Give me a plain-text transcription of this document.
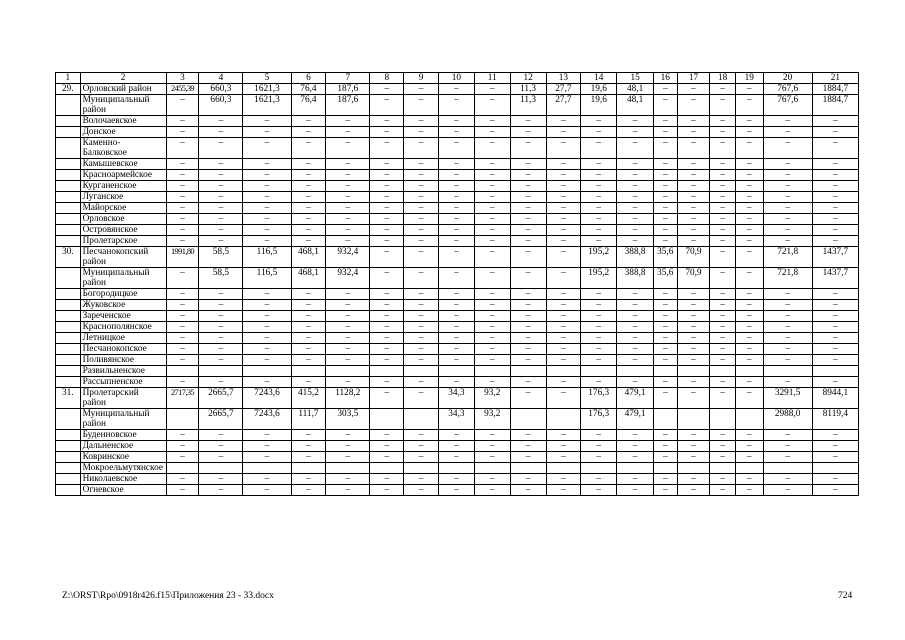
1	2	3	4	5	6	7	8	9	10	11	12	13	14	15	16	17	18	19	20	21
29.	Орловский район	2455,39	660,3	1621,3	76,4	187,6	–	–	–	–	11,3	27,7	19,6	48,1	–	–	–	–	767,6	1884,7
	Муниципальный район	–	660,3	1621,3	76,4	187,6	–	–	–	–	11,3	27,7	19,6	48,1	–	–	–	–	767,6	1884,7
	Волочаевское	–	–	–	–	–	–	–	–	–	–	–	–	–	–	–	–	–	–	–
	Донское	–	–	–	–	–	–	–	–	–	–	–	–	–	–	–	–	–	–	–
	Каменно-Балковское	–	–	–	–	–	–	–	–	–	–	–	–	–	–	–	–	–	–	–
	Камышевское	–	–	–	–	–	–	–	–	–	–	–	–	–	–	–	–	–	–	–
	Красноармейское	–	–	–	–	–	–	–	–	–	–	–	–	–	–	–	–	–	–	–
	Курганенское	–	–	–	–	–	–	–	–	–	–	–	–	–	–	–	–	–	–	–
	Луганское	–	–	–	–	–	–	–	–	–	–	–	–	–	–	–	–	–	–	–
	Майорское	–	–	–	–	–	–	–	–	–	–	–	–	–	–	–	–	–	–	–
	Орловское	–	–	–	–	–	–	–	–	–	–	–	–	–	–	–	–	–	–	–
	Островянское	–	–	–	–	–	–	–	–	–	–	–	–	–	–	–	–	–	–	–
	Пролетарское	–	–	–	–	–	–	–	–	–	–	–	–	–	–	–	–	–	–	–
30.	Песчанокопский район	1991,80	58,5	116,5	468,1	932,4	–	–	–	–	–	–	195,2	388,8	35,6	70,9	–	–	721,8	1437,7
	Муниципальный район	–	58,5	116,5	468,1	932,4	–	–	–	–	–	–	195,2	388,8	35,6	70,9	–	–	721,8	1437,7
	Богородицкое	–	–	–	–	–	–	–	–	–	–	–	–	–	–	–	–	–	–	–
	Жуковское	–	–	–	–	–	–	–	–	–	–	–	–	–	–	–	–	–	–	–
	Зареченское	–	–	–	–	–	–	–	–	–	–	–	–	–	–	–	–	–	–	–
	Краснополянское	–	–	–	–	–	–	–	–	–	–	–	–	–	–	–	–	–	–	–
	Летницкое	–	–	–	–	–	–	–	–	–	–	–	–	–	–	–	–	–	–	–
	Песчанокопское	–	–	–	–	–	–	–	–	–	–	–	–	–	–	–	–	–	–	–
	Поливянское	–	–	–	–	–	–	–	–	–	–	–	–	–	–	–	–	–	–	–
	Развильненское																			
	Рассыпненское	–	–	–	–	–	–	–	–	–	–	–	–	–	–	–	–	–	–	–
31.	Пролетарский район	2717,35	2665,7	7243,6	415,2	1128,2	–	–	34,3	93,2	–	–	176,3	479,1	–	–	–	–	3291,5	8944,1
	Муниципальный район		2665,7	7243,6	111,7	303,5			34,3	93,2			176,3	479,1					2988,0	8119,4
	Буденновское	–	–	–	–	–	–	–	–	–	–	–	–	–	–	–	–	–	–	–
	Дальненское	–	–	–	–	–	–	–	–	–	–	–	–	–	–	–	–	–	–	–
	Ковринское	–	–	–	–	–	–	–	–	–	–	–	–	–	–	–	–	–	–	–
	Мокроельмутянское																			
	Николаевское	–	–	–	–	–	–	–	–	–	–	–	–	–	–	–	–	–	–	–
	Огневское	–	–	–	–	–	–	–	–	–	–	–	–	–	–	–	–	–	–	–
Z:\ORST\Rpo\0918r426.f15\Приложения 23 - 33.docx	724
